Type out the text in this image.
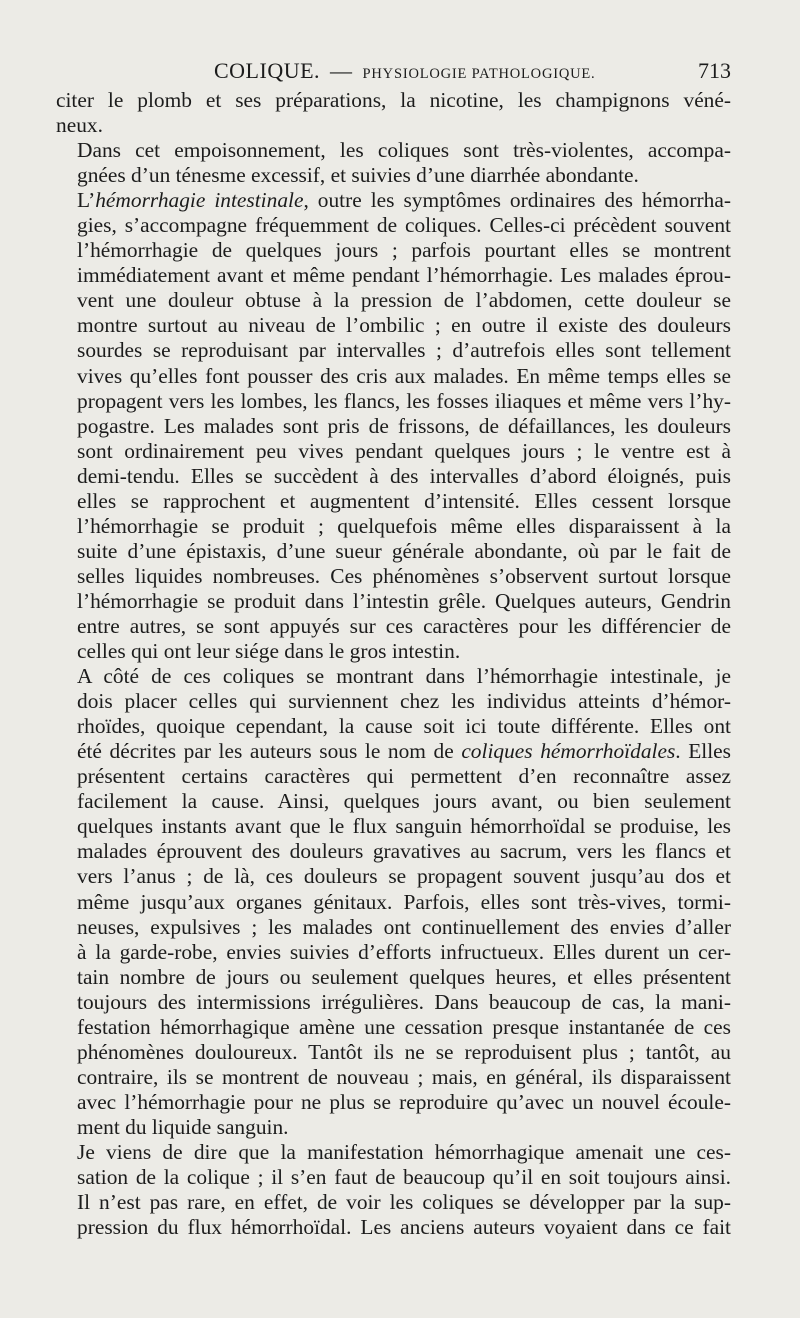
COLIQUE. — PHYSIOLOGIE PATHOLOGIQUE.	713

citer le plomb et ses préparations, la nicotine, les champignons véné-
neux.

Dans cet empoisonnement, les coliques sont très-violentes, accompa-
gnées d’un ténesme excessif, et suivies d’une diarrhée abondante.

L’hémorrhagie intestinale, outre les symptômes ordinaires des hémorrha-
gies, s’accompagne fréquemment de coliques. Celles-ci précèdent souvent
l’hémorrhagie de quelques jours ; parfois pourtant elles se montrent
immédiatement avant et même pendant l’hémorrhagie. Les malades éprou-
vent une douleur obtuse à la pression de l’abdomen, cette douleur se
montre surtout au niveau de l’ombilic ; en outre il existe des douleurs
sourdes se reproduisant par intervalles ; d’autrefois elles sont tellement
vives qu’elles font pousser des cris aux malades. En même temps elles se
propagent vers les lombes, les flancs, les fosses iliaques et même vers l’hy-
pogastre. Les malades sont pris de frissons, de défaillances, les douleurs
sont ordinairement peu vives pendant quelques jours ; le ventre est à
demi-tendu. Elles se succèdent à des intervalles d’abord éloignés, puis
elles se rapprochent et augmentent d’intensité. Elles cessent lorsque
l’hémorrhagie se produit ; quelquefois même elles disparaissent à la
suite d’une épistaxis, d’une sueur générale abondante, où par le fait de
selles liquides nombreuses. Ces phénomènes s’observent surtout lorsque
l’hémorrhagie se produit dans l’intestin grêle. Quelques auteurs, Gendrin
entre autres, se sont appuyés sur ces caractères pour les différencier de
celles qui ont leur siége dans le gros intestin.

A côté de ces coliques se montrant dans l’hémorrhagie intestinale, je
dois placer celles qui surviennent chez les individus atteints d’hémor-
rhoïdes, quoique cependant, la cause soit ici toute différente. Elles ont
été décrites par les auteurs sous le nom de coliques hémorrhoïdales. Elles
présentent certains caractères qui permettent d’en reconnaître assez
facilement la cause. Ainsi, quelques jours avant, ou bien seulement
quelques instants avant que le flux sanguin hémorrhoïdal se produise, les
malades éprouvent des douleurs gravatives au sacrum, vers les flancs et
vers l’anus ; de là, ces douleurs se propagent souvent jusqu’au dos et
même jusqu’aux organes génitaux. Parfois, elles sont très-vives, tormi-
neuses, expulsives ; les malades ont continuellement des envies d’aller
à la garde-robe, envies suivies d’efforts infructueux. Elles durent un cer-
tain nombre de jours ou seulement quelques heures, et elles présentent
toujours des intermissions irrégulières. Dans beaucoup de cas, la mani-
festation hémorrhagique amène une cessation presque instantanée de ces
phénomènes douloureux. Tantôt ils ne se reproduisent plus ; tantôt, au
contraire, ils se montrent de nouveau ; mais, en général, ils disparaissent
avec l’hémorrhagie pour ne plus se reproduire qu’avec un nouvel écoule-
ment du liquide sanguin.

Je viens de dire que la manifestation hémorrhagique amenait une ces-
sation de la colique ; il s’en faut de beaucoup qu’il en soit toujours ainsi.
Il n’est pas rare, en effet, de voir les coliques se développer par la sup-
pression du flux hémorrhoïdal. Les anciens auteurs voyaient dans ce fait
